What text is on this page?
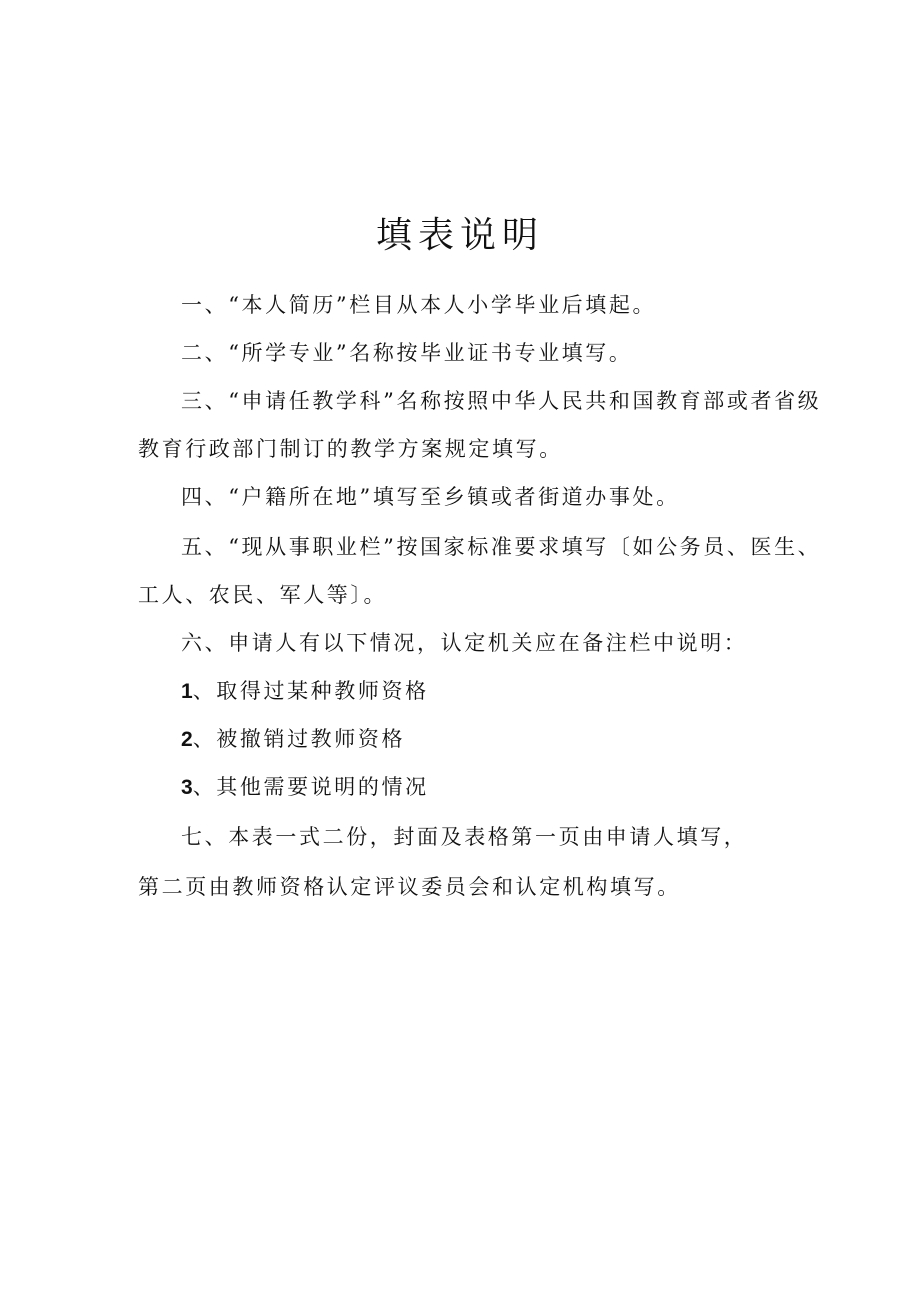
填表说明
一、“本人简历”栏目从本人小学毕业后填起。
二、“所学专业”名称按毕业证书专业填写。
三、“申请任教学科”名称按照中华人民共和国教育部或者省级
教育行政部门制订的教学方案规定填写。
四、“户籍所在地”填写至乡镇或者街道办事处。
五、“现从事职业栏”按国家标准要求填写〔如公务员、医生、
工人、农民、军人等〕。
六、申请人有以下情况，认定机关应在备注栏中说明：
1、取得过某种教师资格
2、被撤销过教师资格
3、其他需要说明的情况
七、本表一式二份，封面及表格第一页由申请人填写，
第二页由教师资格认定评议委员会和认定机构填写。
